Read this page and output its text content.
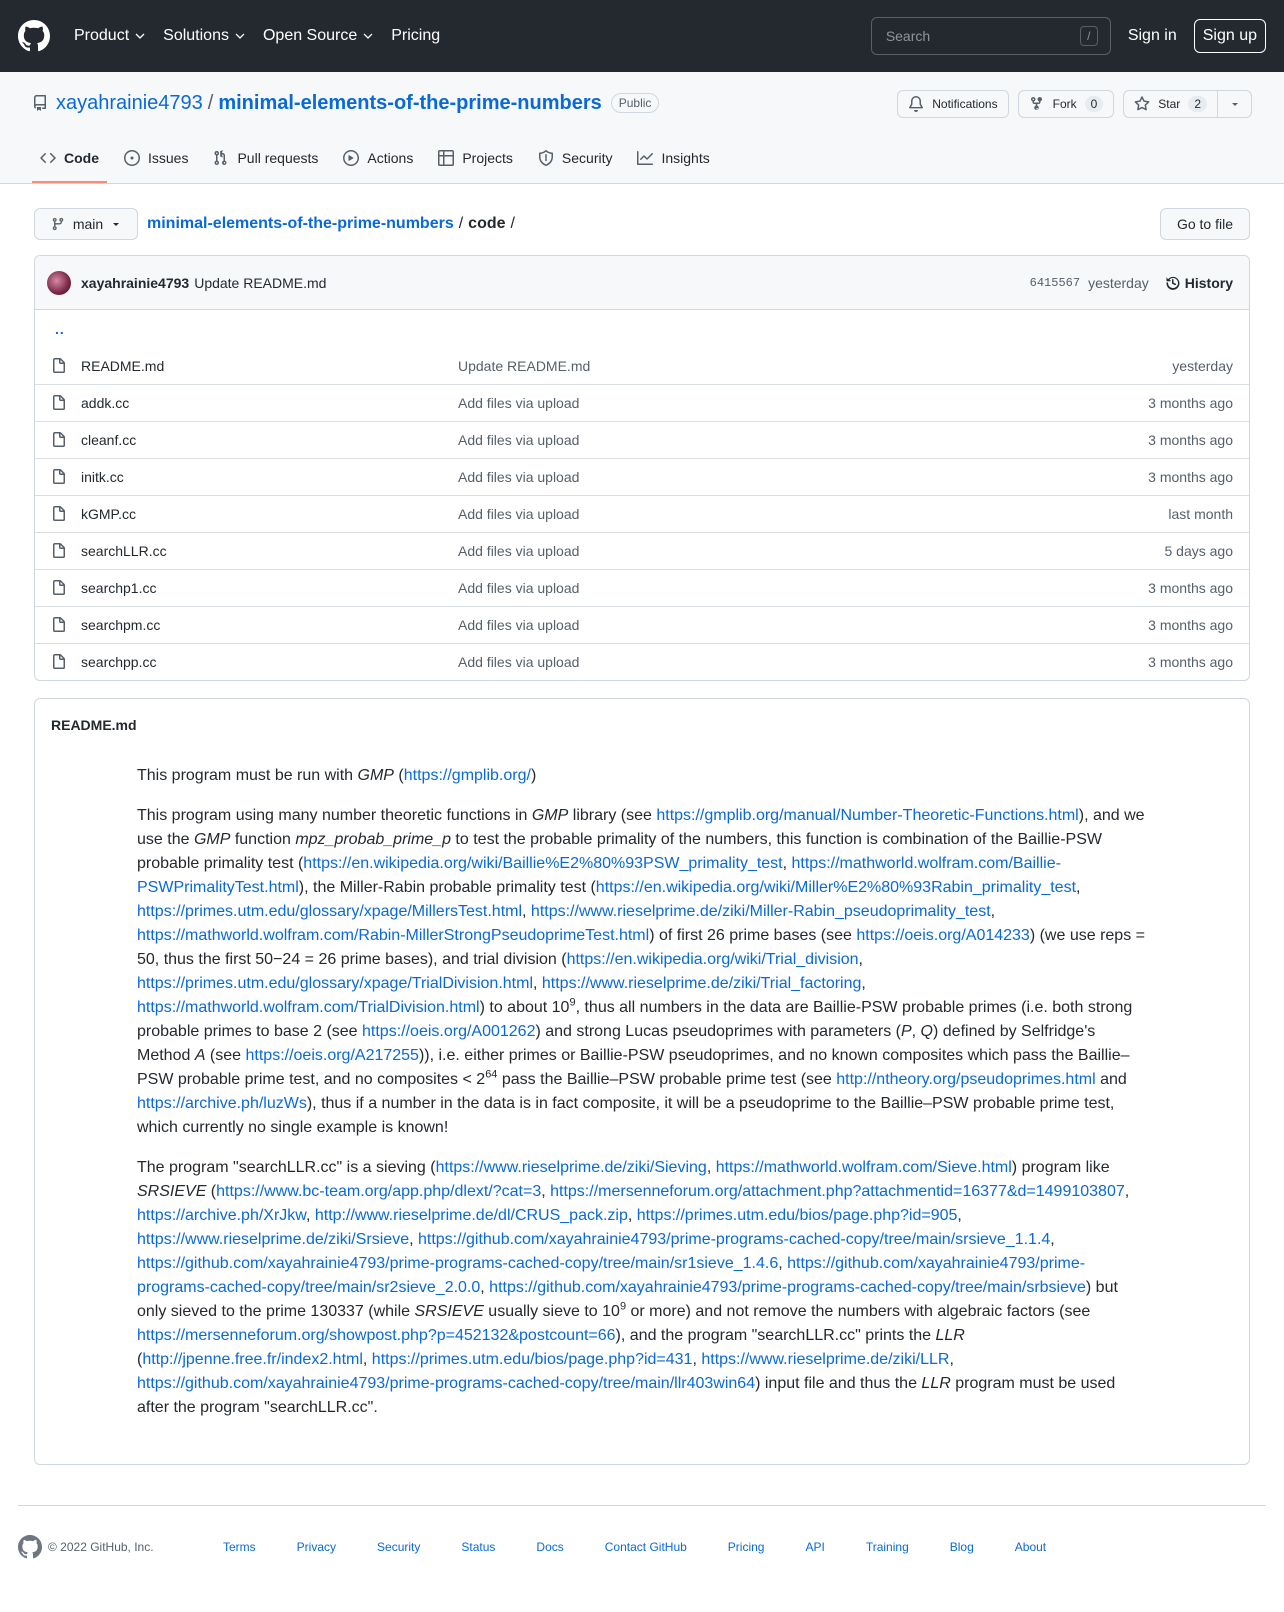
Product Solutions Open Source Pricing
Search	/	Sign in	Sign up
xayahrainie4793 / minimal-elements-of-the-prime-numbers	Public	Notifications	Fork	0	Star	2
Code	Issues	Pull requests	Actions	Projects	Security	Insights
main	minimal-elements-of-the-prime-numbers / code /	Go to file
xayahrainie4793 Update README.md	6415567 yesterday	History
..
README.md	Update README.md	yesterday
addk.cc	Add files via upload	3 months ago
cleanf.cc	Add files via upload	3 months ago
initk.cc	Add files via upload	3 months ago
kGMP.cc	Add files via upload	last month
searchLLR.cc	Add files via upload	5 days ago
searchp1.cc	Add files via upload	3 months ago
searchpm.cc	Add files via upload	3 months ago
searchpp.cc	Add files via upload	3 months ago
README.md

This program must be run with GMP (https://gmplib.org/)

This program using many number theoretic functions in GMP library (see https://gmplib.org/manual/Number-Theoretic-Functions.html), and we use the GMP function mpz_probab_prime_p to test the probable primality of the numbers, this function is combination of the Baillie-PSW probable primality test (https://en.wikipedia.org/wiki/Baillie%E2%80%93PSW_primality_test, https://mathworld.wolfram.com/Baillie-PSWPrimalityTest.html), the Miller-Rabin probable primality test (https://en.wikipedia.org/wiki/Miller%E2%80%93Rabin_primality_test, https://primes.utm.edu/glossary/xpage/MillersTest.html, https://www.rieselprime.de/ziki/Miller-Rabin_pseudoprimality_test, https://mathworld.wolfram.com/Rabin-MillerStrongPseudoprimeTest.html) of first 26 prime bases (see https://oeis.org/A014233) (we use reps = 50, thus the first 50−24 = 26 prime bases), and trial division (https://en.wikipedia.org/wiki/Trial_division, https://primes.utm.edu/glossary/xpage/TrialDivision.html, https://www.rieselprime.de/ziki/Trial_factoring, https://mathworld.wolfram.com/TrialDivision.html) to about $10^9$, thus all numbers in the data are Baillie-PSW probable primes (i.e. both strong probable primes to base 2 (see https://oeis.org/A001262) and strong Lucas pseudoprimes with parameters (P, Q) defined by Selfridge's Method A (see https://oeis.org/A217255)), i.e. either primes or Baillie-PSW pseudoprimes, and no known composites which pass the Baillie–PSW probable prime test, and no composites < $2^{64}$ pass the Baillie–PSW probable prime test (see http://ntheory.org/pseudoprimes.html and https://archive.ph/luzWs), thus if a number in the data is in fact composite, it will be a pseudoprime to the Baillie–PSW probable prime test, which currently no single example is known!

The program "searchLLR.cc" is a sieving (https://www.rieselprime.de/ziki/Sieving, https://mathworld.wolfram.com/Sieve.html) program like SRSIEVE (https://www.bc-team.org/app.php/dlext/?cat=3, https://mersenneforum.org/attachment.php?attachmentid=16377&d=1499103807, https://archive.ph/XrJkw, http://www.rieselprime.de/dl/CRUS_pack.zip, https://primes.utm.edu/bios/page.php?id=905, https://www.rieselprime.de/ziki/Srsieve, https://github.com/xayahrainie4793/prime-programs-cached-copy/tree/main/srsieve_1.1.4, https://github.com/xayahrainie4793/prime-programs-cached-copy/tree/main/sr1sieve_1.4.6, https://github.com/xayahrainie4793/prime-programs-cached-copy/tree/main/sr2sieve_2.0.0, https://github.com/xayahrainie4793/prime-programs-cached-copy/tree/main/srbsieve) but only sieved to the prime 130337 (while SRSIEVE usually sieve to $10^9$ or more) and not remove the numbers with algebraic factors (see https://mersenneforum.org/showpost.php?p=452132&postcount=66), and the program "searchLLR.cc" prints the LLR (http://jpenne.free.fr/index2.html, https://primes.utm.edu/bios/page.php?id=431, https://www.rieselprime.de/ziki/LLR, https://github.com/xayahrainie4793/prime-programs-cached-copy/tree/main/llr403win64) input file and thus the LLR program must be used after the program "searchLLR.cc".

© 2022 GitHub, Inc.	Terms	Privacy	Security	Status	Docs	Contact GitHub	Pricing	API	Training	Blog	About
